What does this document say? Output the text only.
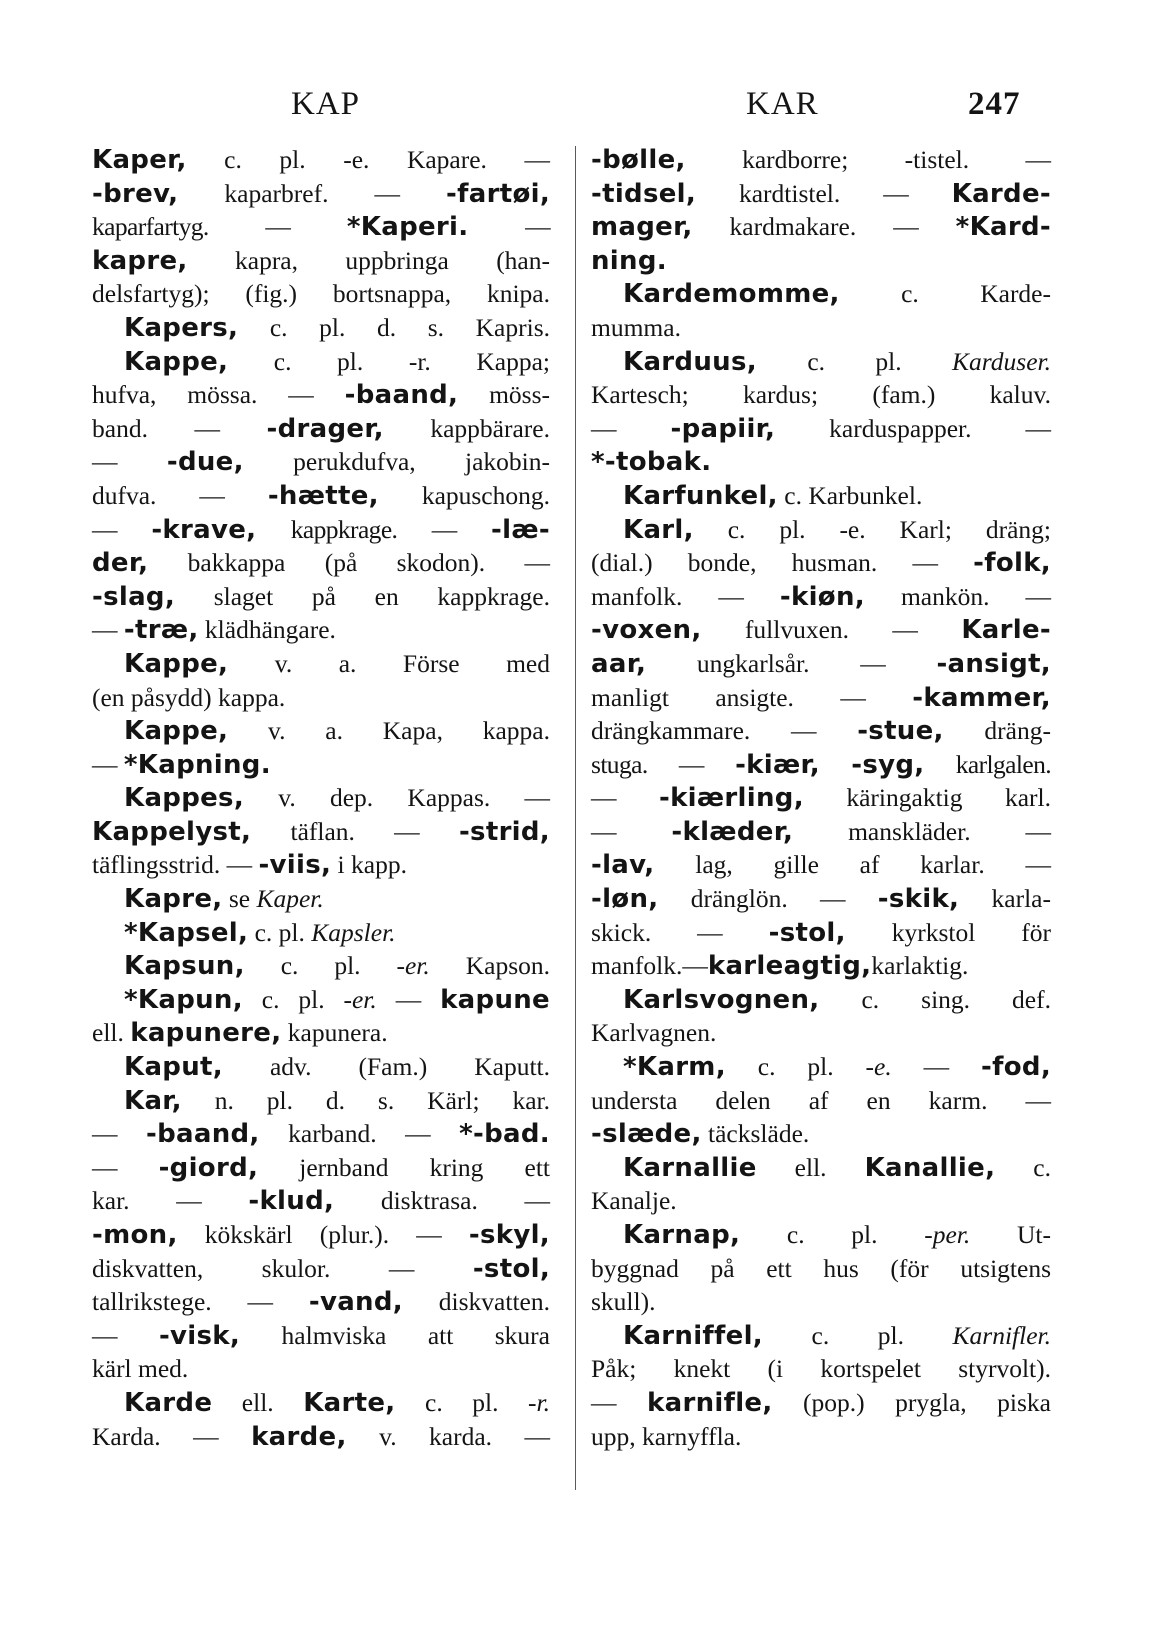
KAP	KAR	247
Kaper, c. pl. -e. Kapare. —
-brev, kaparbref. — -fartøi,
kaparfartyg. — *Kaperi. —
kapre, kapra, uppbringa (han-
delsfartyg); (fig.) bortsnappa, knipa.
Kapers, c. pl. d. s. Kapris.
Kappe, c. pl. -r. Kappa;
hufva, mössa. — -baand, möss-
band. — -drager, kappbärare.
— -due, perukdufva, jakobin-
dufva. — -hætte, kapuschong.
— -krave, kappkrage. — -læ-
der, bakkappa (på skodon). —
-slag, slaget på en kappkrage.
— -træ, klädhängare.
Kappe, v. a. Förse med
(en påsydd) kappa.
Kappe, v. a. Kapa, kappa.
— *Kapning.
Kappes, v. dep. Kappas. —
Kappelyst, täflan. — -strid,
täflingsstrid. — -viis, i kapp.
Kapre, se Kaper.
*Kapsel, c. pl. Kapsler.
Kapsun, c. pl. -er. Kapson.
*Kapun, c. pl. -er. — kapune
ell. kapunere, kapunera.
Kaput, adv. (Fam.) Kaputt.
Kar, n. pl. d. s. Kärl; kar.
— -baand, karband. — *-bad.
— -giord, jernband kring ett
kar. — -klud, disktrasa. —
-mon, kökskärl (plur.). — -skyl,
diskvatten, skulor. — -stol,
tallrikstege. — -vand, diskvatten.
— -visk, halmviska att skura
kärl med.
Karde ell. Karte, c. pl. -r.
Karda. — karde, v. karda. —
-bølle, kardborre; -tistel. —
-tidsel, kardtistel. — Karde-
mager, kardmakare. — *Kard-
ning.
Kardemomme, c. Karde-
mumma.
Karduus, c. pl. Karduser.
Kartesch; kardus; (fam.) kaluv.
— -papiir, karduspapper. —
*-tobak.
Karfunkel, c. Karbunkel.
Karl, c. pl. -e. Karl; dräng;
(dial.) bonde, husman. — -folk,
manfolk. — -kiøn, mankön. —
-voxen, fullvuxen. — Karle-
aar, ungkarlsår. — -ansigt,
manligt ansigte. — -kammer,
drängkammare. — -stue, dräng-
stuga. — -kiær, -syg, karlgalen.
— -kiærling, käringaktig karl.
— -klæder, manskläder. —
-lav, lag, gille af karlar. —
-løn, dränglön. — -skik, karla-
skick. — -stol, kyrkstol för
manfolk.—karleagtig,karlaktig.
Karlsvognen, c. sing. def.
Karlvagnen.
*Karm, c. pl. -e. — -fod,
understa delen af en karm. —
-slæde, täcksläde.
Karnallie ell. Kanallie, c.
Kanalje.
Karnap, c. pl. -per. Ut-
byggnad på ett hus (för utsigtens
skull).
Karniffel, c. pl. Karnifler.
Påk; knekt (i kortspelet styrvolt).
— karnifle, (pop.) prygla, piska
upp, karnyffla.
